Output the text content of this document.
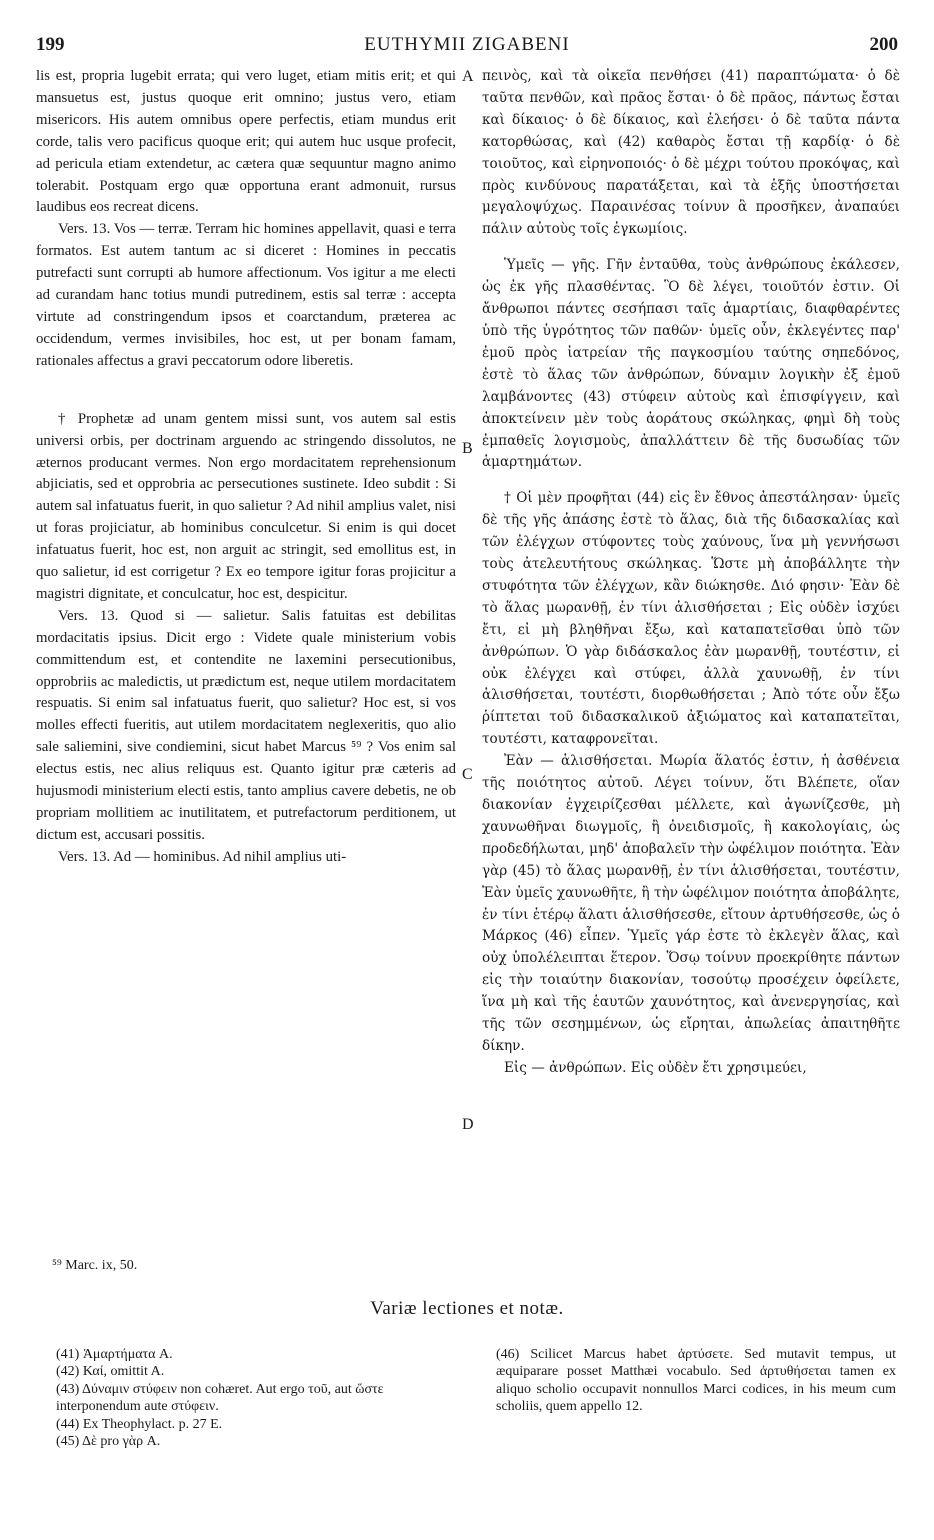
199	EUTHYMII ZIGABENI	200

lis est, propria lugebit errata; qui vero luget, etiam mitis erit; et qui mansuetus est, justus quoque erit omnino; justus vero, etiam misericors. His autem omnibus opere perfectis, etiam mundus erit corde, talis vero pacificus quoque erit; qui autem huc usque profecit, ad pericula etiam extendetur, ac cætera quæ sequuntur magno animo tolerabit. Postquam ergo quæ opportuna erant admonuit, rursus laudibus eos recreat dicens.

Vers. 13. Vos — terræ. Terram hic homines appellavit, quasi e terra formatos. Est autem tantum ac si diceret : Homines in peccatis putrefacti sunt corrupti ab humore affectionum. Vos igitur a me electi ad curandam hanc totius mundi putredinem, estis sal terræ : accepta virtute ad constringendum ipsos et coarctandum, præterea ac occidendum, vermes invisibiles, hoc est, ut per bonam famam, rationales affectus a gravi peccatorum odore liberetis.

† Prophetæ ad unam gentem missi sunt, vos autem sal estis universi orbis, per doctrinam arguendo ac stringendo dissolutos, ne æternos producant vermes. Non ergo mordacitatem reprehensionum abjiciatis, sed et opprobria ac persecutiones sustinete. Ideo subdit : Si autem sal infatuatus fuerit, in quo salietur ? Ad nihil amplius valet, nisi ut foras projiciatur, ab hominibus conculcetur. Si enim is qui docet infatuatus fuerit, hoc est, non arguit ac stringit, sed emollitus est, in quo salietur, id est corrigetur ? Ex eo tempore igitur foras projicitur a magistri dignitate, et conculcatur, hoc est, despicitur.

Vers. 13. Quod si — salietur. Salis fatuitas est debilitas mordacitatis ipsius. Dicit ergo : Videte quale ministerium vobis committendum est, et contendite ne laxemini persecutionibus, opprobriis ac maledictis, ut prædictum est, neque utilem mordacitatem respuatis. Si enim sal infatuatus fuerit, quo salietur? Hoc est, si vos molles effecti fueritis, aut utilem mordacitatem neglexeritis, quo alio sale saliemini, sive condiemini, sicut habet Marcus ⁵⁹ ? Vos enim sal electus estis, nec alius reliquus est. Quanto igitur præ cæteris ad hujusmodi ministerium electi estis, tanto amplius cavere debetis, ne ob propriam mollitiem ac inutilitatem, et putrefactorum perditionem, ut dictum est, accusari possitis.

Vers. 13. Ad — hominibus. Ad nihil amplius uti-

A
B
C
D

πεινὸς, καὶ τὰ οἰκεῖα πενθήσει (41) παραπτώματα· ὁ δὲ ταῦτα πενθῶν, καὶ πρᾶος ἔσται· ὁ δὲ πρᾶος, πάντως ἔσται καὶ δίκαιος· ὁ δὲ δίκαιος, καὶ ἐλεήσει· ὁ δὲ ταῦτα πάντα κατορθώσας, καὶ (42) καθαρὸς ἔσται τῇ καρδίᾳ· ὁ δὲ τοιοῦτος, καὶ εἰρηνοποιός· ὁ δὲ μέχρι τούτου προκόψας, καὶ πρὸς κινδύνους παρατάξεται, καὶ τὰ ἑξῆς ὑποστήσεται μεγαλοψύχως. Παραινέσας τοίνυν ἃ προσῆκεν, ἀναπαύει πάλιν αὐτοὺς τοῖς ἐγκωμίοις.

Ὑμεῖς — γῆς. Γῆν ἐνταῦθα, τοὺς ἀνθρώπους ἐκάλεσεν, ὡς ἐκ γῆς πλασθέντας. Ὃ δὲ λέγει, τοιοῦτόν ἐστιν. Οἱ ἄνθρωποι πάντες σεσήπασι ταῖς ἁμαρτίαις, διαφθαρέντες ὑπὸ τῆς ὑγρότητος τῶν παθῶν· ὑμεῖς οὖν, ἐκλεγέντες παρ' ἐμοῦ πρὸς ἰατρείαν τῆς παγκοσμίου ταύτης σηπεδόνος, ἐστὲ τὸ ἅλας τῶν ἀνθρώπων, δύναμιν λογικὴν ἐξ ἐμοῦ λαμβάνοντες (43) στύφειν αὐτοὺς καὶ ἐπισφίγγειν, καὶ ἀποκτείνειν μὲν τοὺς ἀοράτους σκώληκας, φημὶ δὴ τοὺς ἐμπαθεῖς λογισμοὺς, ἀπαλλάττειν δὲ τῆς δυσωδίας τῶν ἁμαρτημάτων.

† Οἱ μὲν προφῆται (44) εἰς ἓν ἔθνος ἀπεστάλησαν· ὑμεῖς δὲ τῆς γῆς ἁπάσης ἐστὲ τὸ ἅλας, διὰ τῆς διδασκαλίας καὶ τῶν ἐλέγχων στύφοντες τοὺς χαύνους, ἵνα μὴ γεννήσωσι τοὺς ἀτελευτήτους σκώληκας. Ὥστε μὴ ἀποβάλλητε τὴν στυφότητα τῶν ἐλέγχων, κἂν διώκησθε. Διό φησιν· Ἐὰν δὲ τὸ ἅλας μωρανθῇ, ἐν τίνι ἁλισθήσεται ; Εἰς οὐδὲν ἰσχύει ἔτι, εἰ μὴ βληθῆναι ἔξω, καὶ καταπατεῖσθαι ὑπὸ τῶν ἀνθρώπων. Ὁ γὰρ διδάσκαλος ἐὰν μωρανθῇ, τουτέστιν, εἰ οὐκ ἐλέγχει καὶ στύφει, ἀλλὰ χαυνωθῇ, ἐν τίνι ἁλισθήσεται, τουτέστι, διορθωθήσεται ; Ἀπὸ τότε οὖν ἔξω ῥίπτεται τοῦ διδασκαλικοῦ ἀξιώματος καὶ καταπατεῖται, τουτέστι, καταφρονεῖται.

Ἐὰν — ἁλισθήσεται. Μωρία ἅλατός ἐστιν, ἡ ἀσθένεια τῆς ποιότητος αὐτοῦ. Λέγει τοίνυν, ὅτι Βλέπετε, οἵαν διακονίαν ἐγχειρίζεσθαι μέλλετε, καὶ ἀγωνίζεσθε, μὴ χαυνωθῆναι διωγμοῖς, ἢ ὀνειδισμοῖς, ἢ κακολογίαις, ὡς προδεδήλωται, μηδ' ἀποβαλεῖν τὴν ὠφέλιμον ποιότητα. Ἐὰν γὰρ (45) τὸ ἅλας μωρανθῇ, ἐν τίνι ἁλισθήσεται, τουτέστιν, Ἐὰν ὑμεῖς χαυνωθῆτε, ἢ τὴν ὠφέλιμον ποιότητα ἀποβάλητε, ἐν τίνι ἑτέρῳ ἅλατι ἁλισθήσεσθε, εἴτουν ἀρτυθήσεσθε, ὡς ὁ Μάρκος (46) εἶπεν. Ὑμεῖς γάρ ἐστε τὸ ἐκλεγὲν ἅλας, καὶ οὐχ ὑπολέλειπται ἕτερον. Ὅσῳ τοίνυν προεκρίθητε πάντων εἰς τὴν τοιαύτην διακονίαν, τοσούτῳ προσέχειν ὀφείλετε, ἵνα μὴ καὶ τῆς ἑαυτῶν χαυνότητος, καὶ ἀνενεργησίας, καὶ τῆς τῶν σεσημμένων, ὡς εἴρηται, ἀπωλείας ἀπαιτηθῆτε δίκην.

Εἰς — ἀνθρώπων. Εἰς οὐδὲν ἔτι χρησιμεύει,

⁵⁹ Marc. ix, 50.
Variæ lectiones et notæ.
(41) Ἁμαρτήματα A.
(42) Καί, omittit A.
(43) Δύναμιν στύφειν non cohæret. Aut ergo τοῦ, aut ὥστε interponendum aute στύφειν.
(44) Ex Theophylact. p. 27 E.
(45) Δὲ pro γὰρ A.
(46) Scilicet Marcus habet ἀρτύσετε. Sed mutavit tempus, ut æquiparare posset Matthæi vocabulo. Sed ἀρτυθήσεται tamen ex aliquo scholio occupavit nonnullos Marci codices, in his meum cum scholiis, quem appello 12.
